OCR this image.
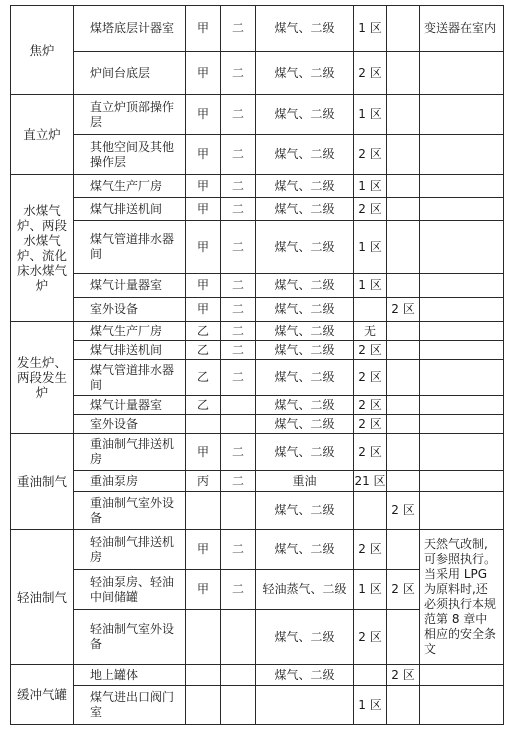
焦炉	煤塔底层计器室	甲	二	煤气、二级	1 区		变送器在室内
	炉间台底层	甲	二	煤气、二级	2 区		
直立炉	直立炉顶部操作层	甲	二	煤气、二级	1 区		
	其他空间及其他操作层	甲	二	煤气、二级	2 区		
水煤气炉、两段水煤气炉、流化床水煤气炉	煤气生产厂房	甲	二	煤气、二级	1 区		
	煤气排送机间	甲	二	煤气、二级	2 区		
	煤气管道排水器间	甲	二	煤气、二级	1 区		
	煤气计量器室	甲	二	煤气、二级	1 区		
	室外设备	甲	二	煤气、二级		2 区	
发生炉、两段发生炉	煤气生产厂房	乙	二	煤气、二级	无		
	煤气排送机间	乙	二	煤气、二级	2 区		
	煤气管道排水器间	乙	二	煤气、二级	2 区		
	煤气计量器室	乙		煤气、二级	2 区		
	室外设备			煤气、二级	2 区		
重油制气	重油制气排送机房	甲	二	煤气、二级	2 区		
	重油泵房	丙	二	重油	21 区		
	重油制气室外设备			煤气、二级		2 区	
轻油制气	轻油制气排送机房	甲	二	煤气、二级	2 区		天然气改制,可参照执行。当采用 LPG 为原料时,还必须执行本规范第 8 章中相应的安全条文
	轻油泵房、轻油中间储罐	甲	二	轻油蒸气、二级	1 区	2 区	
	轻油制气室外设备			煤气、二级	2 区		
缓冲气罐	地上罐体			煤气、二级		2 区	
	煤气进出口阀门室				1 区		
